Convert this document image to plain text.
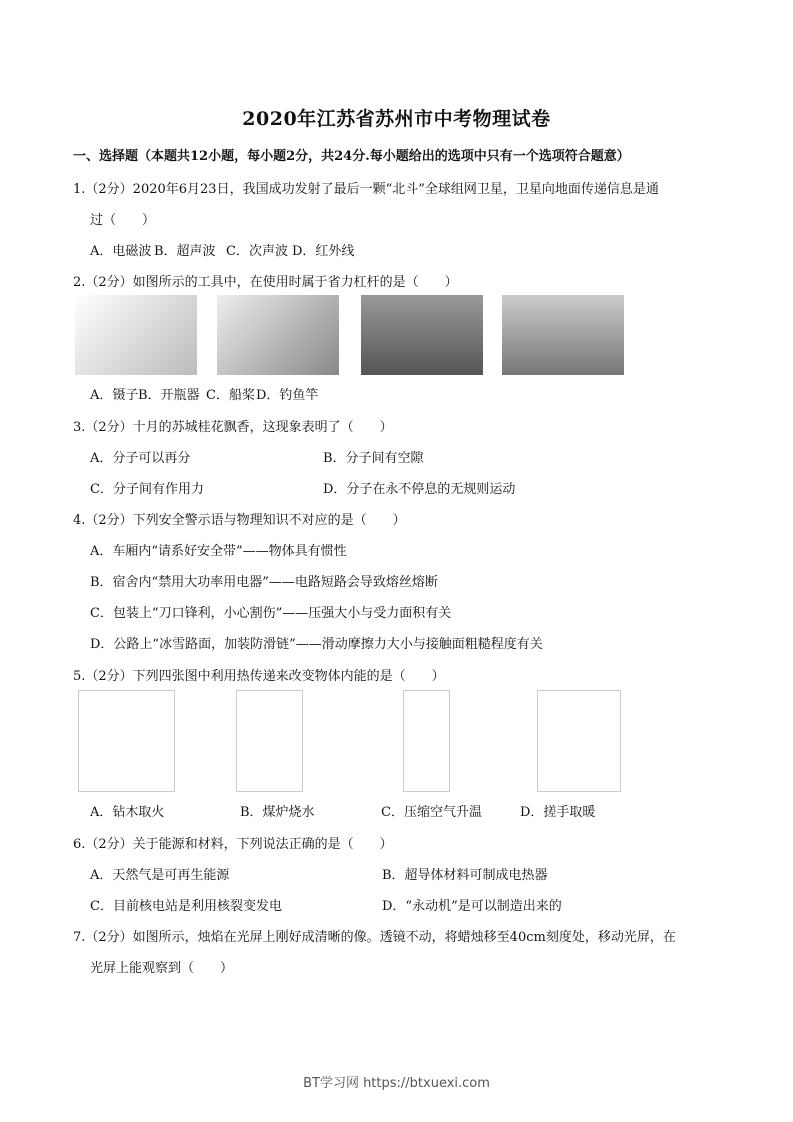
2020年江苏省苏州市中考物理试卷
一、选择题（本题共12小题，每小题2分，共24分.每小题给出的选项中只有一个选项符合题意）
1.（2分）2020年6月23日，我国成功发射了最后一颗“北斗”全球组网卫星，卫星向地面传递信息是通
过（　　）
A．电磁波 B．超声波 C．次声波 D．红外线
2.（2分）如图所示的工具中，在使用时属于省力杠杆的是（　　）
A．镊子 B．开瓶器 C．船桨 D．钓鱼竿
3.（2分）十月的苏城桂花飘香，这现象表明了（　　）
A．分子可以再分	B．分子间有空隙
C．分子间有作用力	D．分子在永不停息的无规则运动
4.（2分）下列安全警示语与物理知识不对应的是（　　）
A．车厢内“请系好安全带”——物体具有惯性
B．宿舍内“禁用大功率用电器”——电路短路会导致熔丝熔断
C．包装上“刀口锋利，小心割伤”——压强大小与受力面积有关
D．公路上“冰雪路面，加装防滑链”——滑动摩擦力大小与接触面粗糙程度有关
5.（2分）下列四张图中利用热传递来改变物体内能的是（　　）
A．钻木取火	B．煤炉烧水	C．压缩空气升温	D．搓手取暖
6.（2分）关于能源和材料，下列说法正确的是（　　）
A．天然气是可再生能源	B．超导体材料可制成电热器
C．目前核电站是利用核裂变发电	D．“永动机”是可以制造出来的
7.（2分）如图所示，烛焰在光屏上刚好成清晰的像。透镜不动，将蜡烛移至40cm刻度处，移动光屏，在
光屏上能观察到（　　）
BT学习网 https://btxuexi.com
